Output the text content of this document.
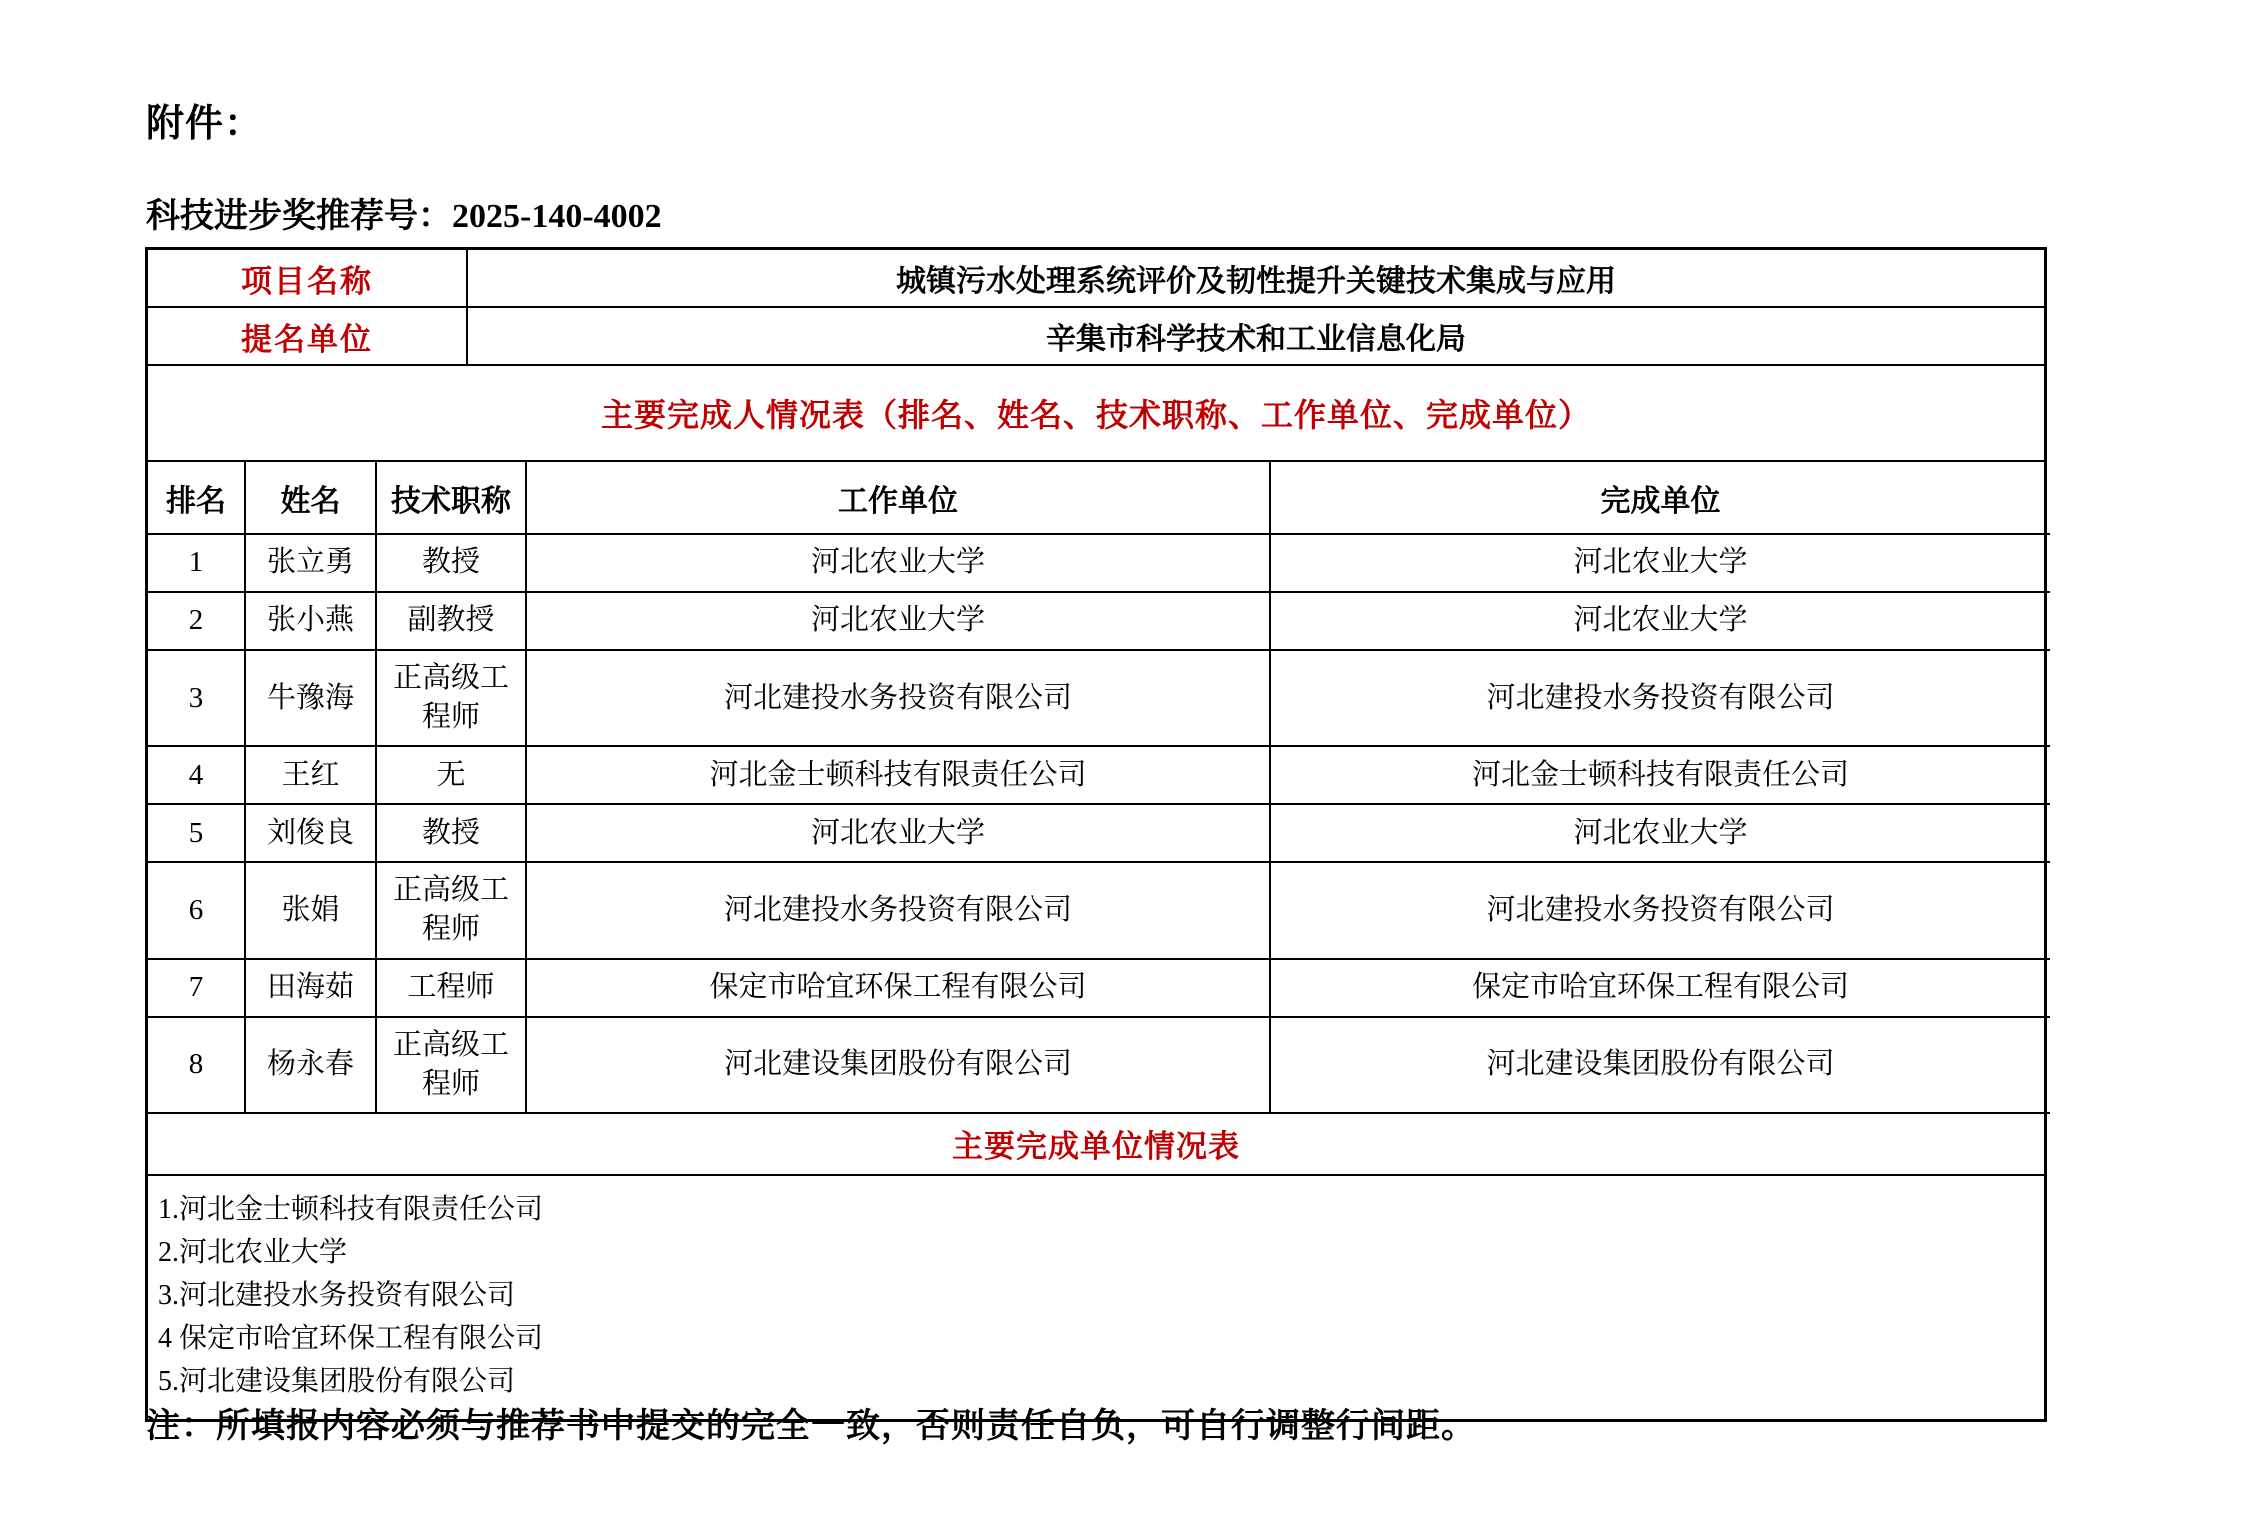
附件：
科技进步奖推荐号：2025-140-4002
项目名称	城镇污水处理系统评价及韧性提升关键技术集成与应用
提名单位	辛集市科学技术和工业信息化局
主要完成人情况表（排名、姓名、技术职称、工作单位、完成单位）
排名	姓名	技术职称	工作单位	完成单位
1	张立勇	教授	河北农业大学	河北农业大学
2	张小燕	副教授	河北农业大学	河北农业大学
3	牛豫海	正高级工程师	河北建投水务投资有限公司	河北建投水务投资有限公司
4	王红	无	河北金士顿科技有限责任公司	河北金士顿科技有限责任公司
5	刘俊良	教授	河北农业大学	河北农业大学
6	张娟	正高级工程师	河北建投水务投资有限公司	河北建投水务投资有限公司
7	田海茹	工程师	保定市哈宜环保工程有限公司	保定市哈宜环保工程有限公司
8	杨永春	正高级工程师	河北建设集团股份有限公司	河北建设集团股份有限公司
主要完成单位情况表
1.河北金士顿科技有限责任公司
2.河北农业大学
3.河北建投水务投资有限公司
4 保定市哈宜环保工程有限公司
5.河北建设集团股份有限公司
注：所填报内容必须与推荐书中提交的完全一致，否则责任自负，可自行调整行间距。
